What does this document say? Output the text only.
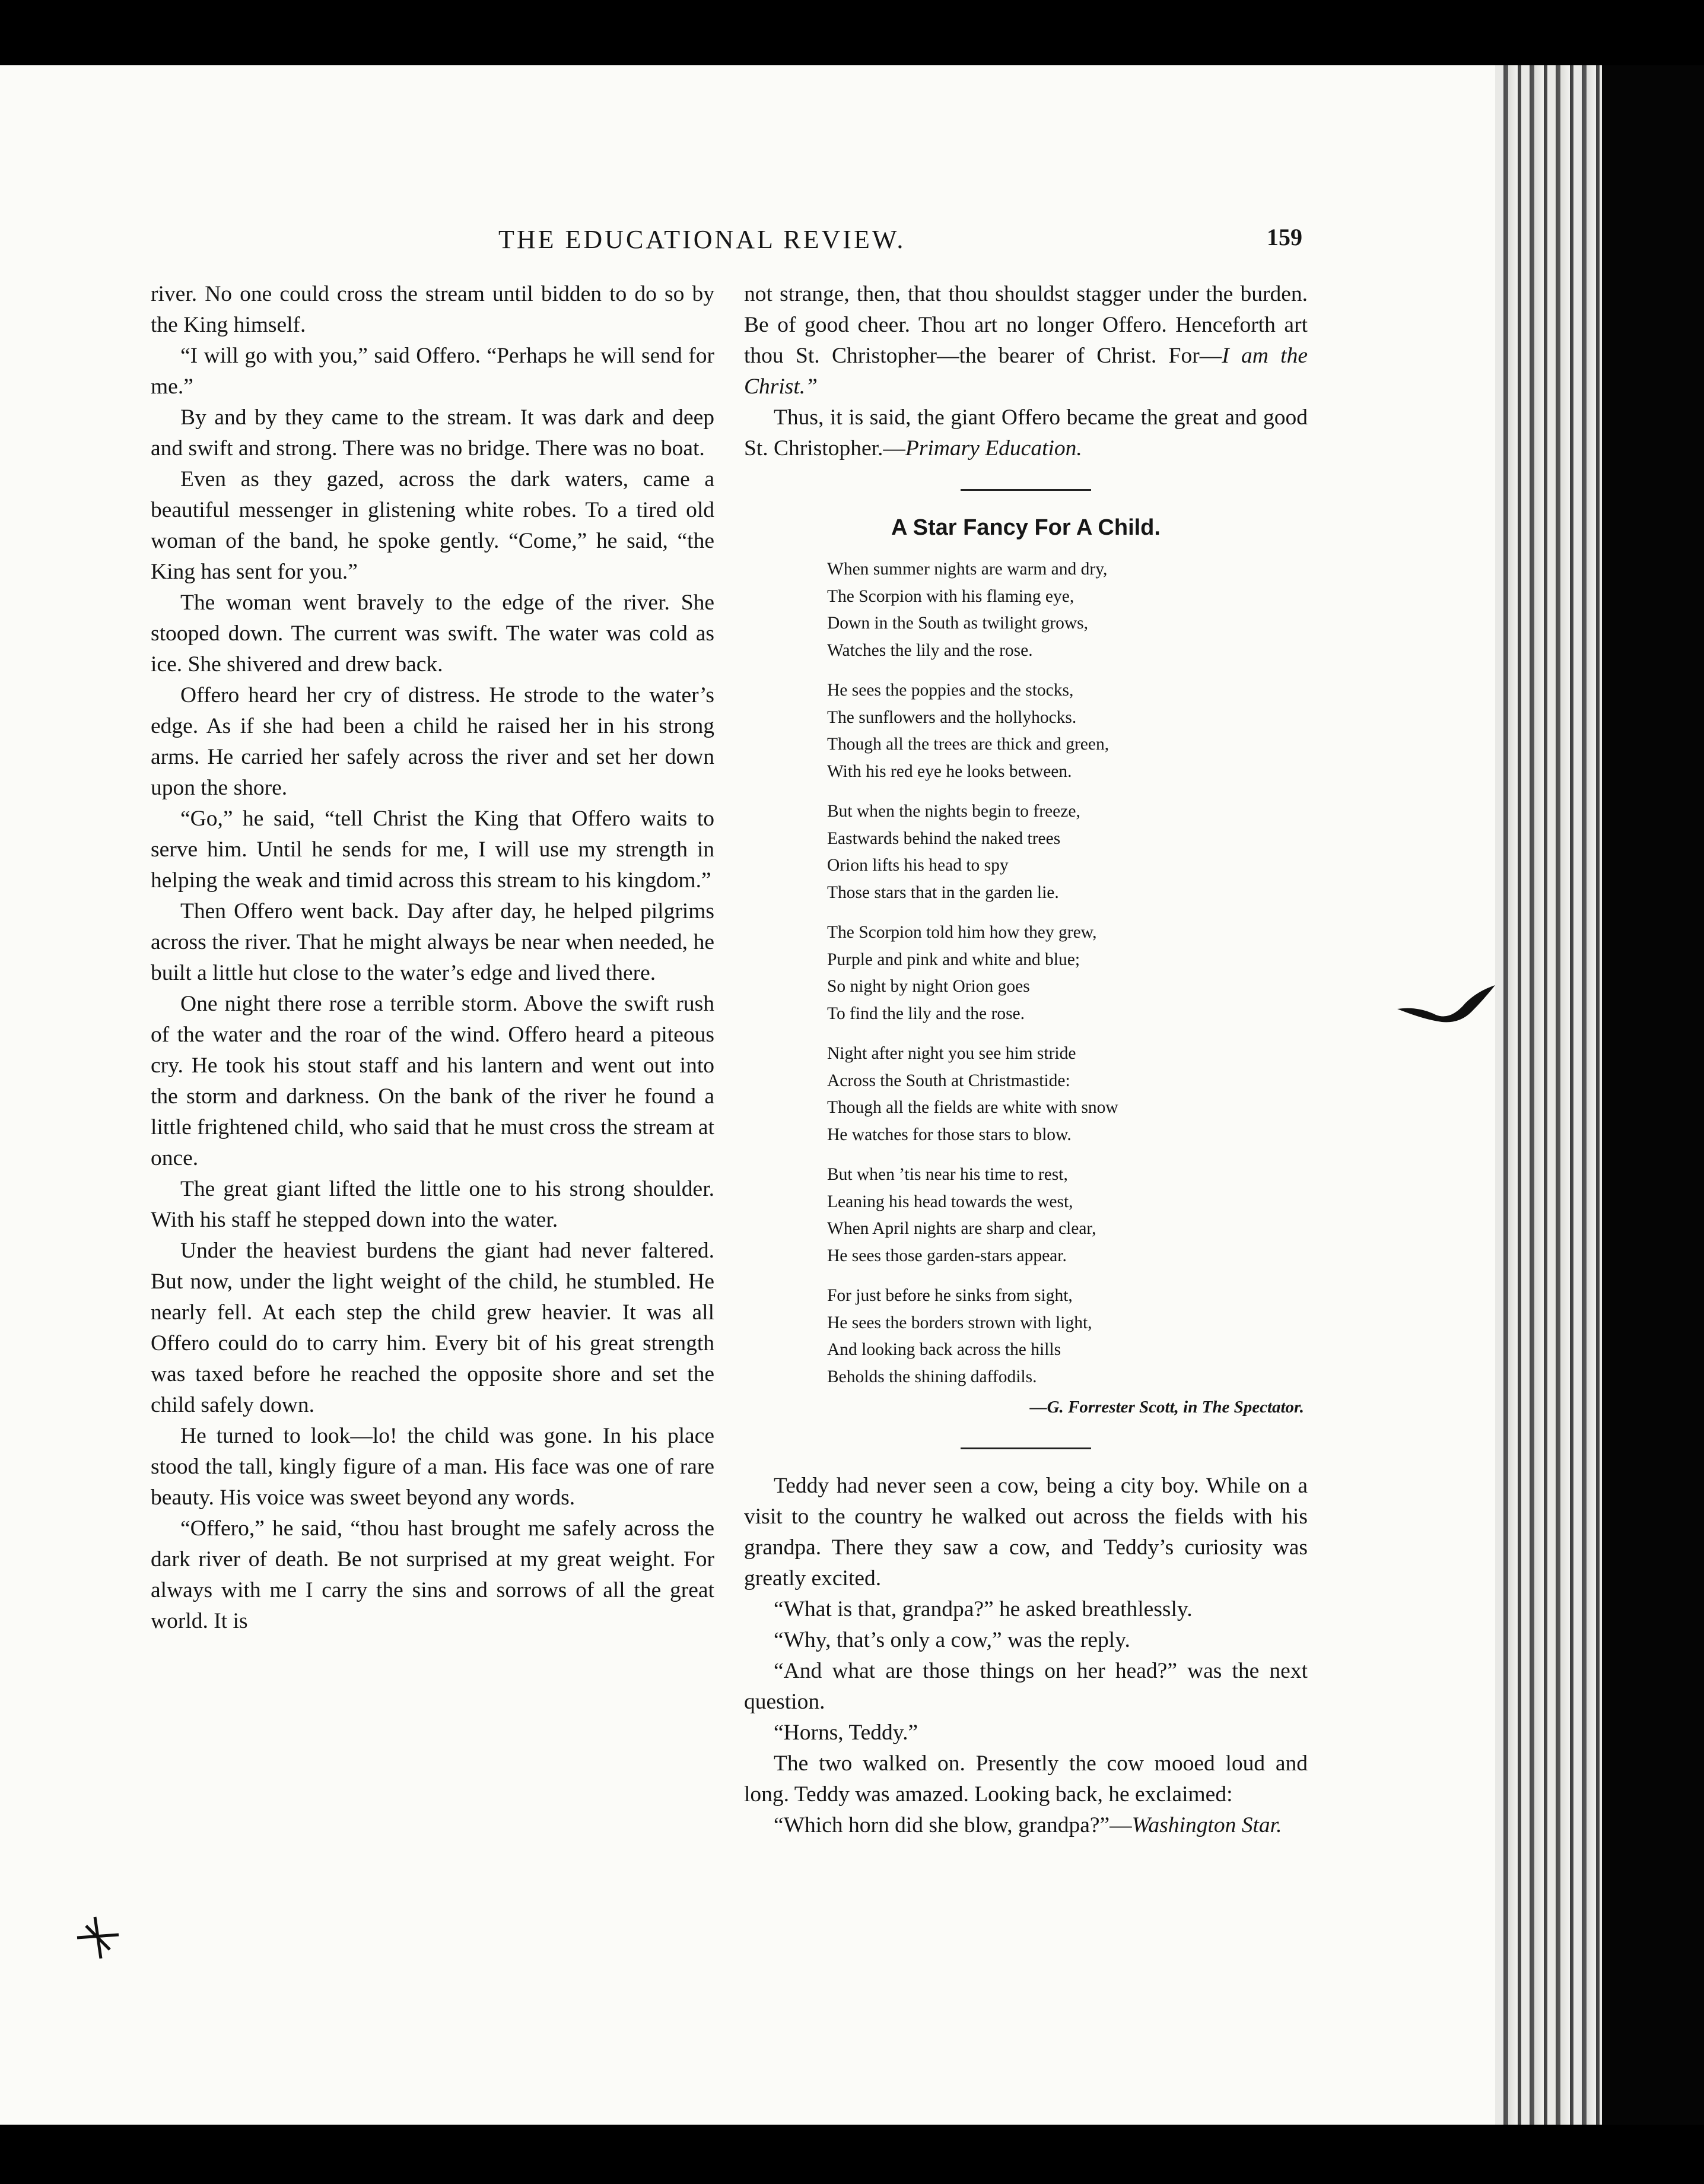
THE EDUCATIONAL REVIEW.	159

river. No one could cross the stream until bidden to do so by the King himself.

“I will go with you,” said Offero. “Perhaps he will send for me.”

By and by they came to the stream. It was dark and deep and swift and strong. There was no bridge. There was no boat.

Even as they gazed, across the dark waters, came a beautiful messenger in glistening white robes. To a tired old woman of the band, he spoke gently. “Come,” he said, “the King has sent for you.”

The woman went bravely to the edge of the river. She stooped down. The current was swift. The water was cold as ice. She shivered and drew back.

Offero heard her cry of distress. He strode to the water’s edge. As if she had been a child he raised her in his strong arms. He carried her safely across the river and set her down upon the shore.

“Go,” he said, “tell Christ the King that Offero waits to serve him. Until he sends for me, I will use my strength in helping the weak and timid across this stream to his kingdom.”

Then Offero went back. Day after day, he helped pilgrims across the river. That he might always be near when needed, he built a little hut close to the water’s edge and lived there.

One night there rose a terrible storm. Above the swift rush of the water and the roar of the wind. Offero heard a piteous cry. He took his stout staff and his lantern and went out into the storm and darkness. On the bank of the river he found a little frightened child, who said that he must cross the stream at once.

The great giant lifted the little one to his strong shoulder. With his staff he stepped down into the water.

Under the heaviest burdens the giant had never faltered. But now, under the light weight of the child, he stumbled. He nearly fell. At each step the child grew heavier. It was all Offero could do to carry him. Every bit of his great strength was taxed before he reached the opposite shore and set the child safely down.

He turned to look—lo! the child was gone. In his place stood the tall, kingly figure of a man. His face was one of rare beauty. His voice was sweet beyond any words.

“Offero,” he said, “thou hast brought me safely across the dark river of death. Be not surprised at my great weight. For always with me I carry the sins and sorrows of all the great world. It is

not strange, then, that thou shouldst stagger under the burden. Be of good cheer. Thou art no longer Offero. Henceforth art thou St. Christopher—the bearer of Christ. For—I am the Christ.”

Thus, it is said, the giant Offero became the great and good St. Christopher.—Primary Education.

A Star Fancy For A Child.
When summer nights are warm and dry,
The Scorpion with his flaming eye,
Down in the South as twilight grows,
Watches the lily and the rose.
He sees the poppies and the stocks,
The sunflowers and the hollyhocks.
Though all the trees are thick and green,
With his red eye he looks between.
But when the nights begin to freeze,
Eastwards behind the naked trees
Orion lifts his head to spy
Those stars that in the garden lie.
The Scorpion told him how they grew,
Purple and pink and white and blue;
So night by night Orion goes
To find the lily and the rose.
Night after night you see him stride
Across the South at Christmastide:
Though all the fields are white with snow
He watches for those stars to blow.
But when ’tis near his time to rest,
Leaning his head towards the west,
When April nights are sharp and clear,
He sees those garden-stars appear.
For just before he sinks from sight,
He sees the borders strown with light,
And looking back across the hills
Beholds the shining daffodils.
—G. Forrester Scott, in The Spectator.

Teddy had never seen a cow, being a city boy. While on a visit to the country he walked out across the fields with his grandpa. There they saw a cow, and Teddy’s curiosity was greatly excited.

“What is that, grandpa?” he asked breathlessly.

“Why, that’s only a cow,” was the reply.

“And what are those things on her head?” was the next question.

“Horns, Teddy.”

The two walked on. Presently the cow mooed loud and long. Teddy was amazed. Looking back, he exclaimed:

“Which horn did she blow, grandpa?”—Washington Star.
